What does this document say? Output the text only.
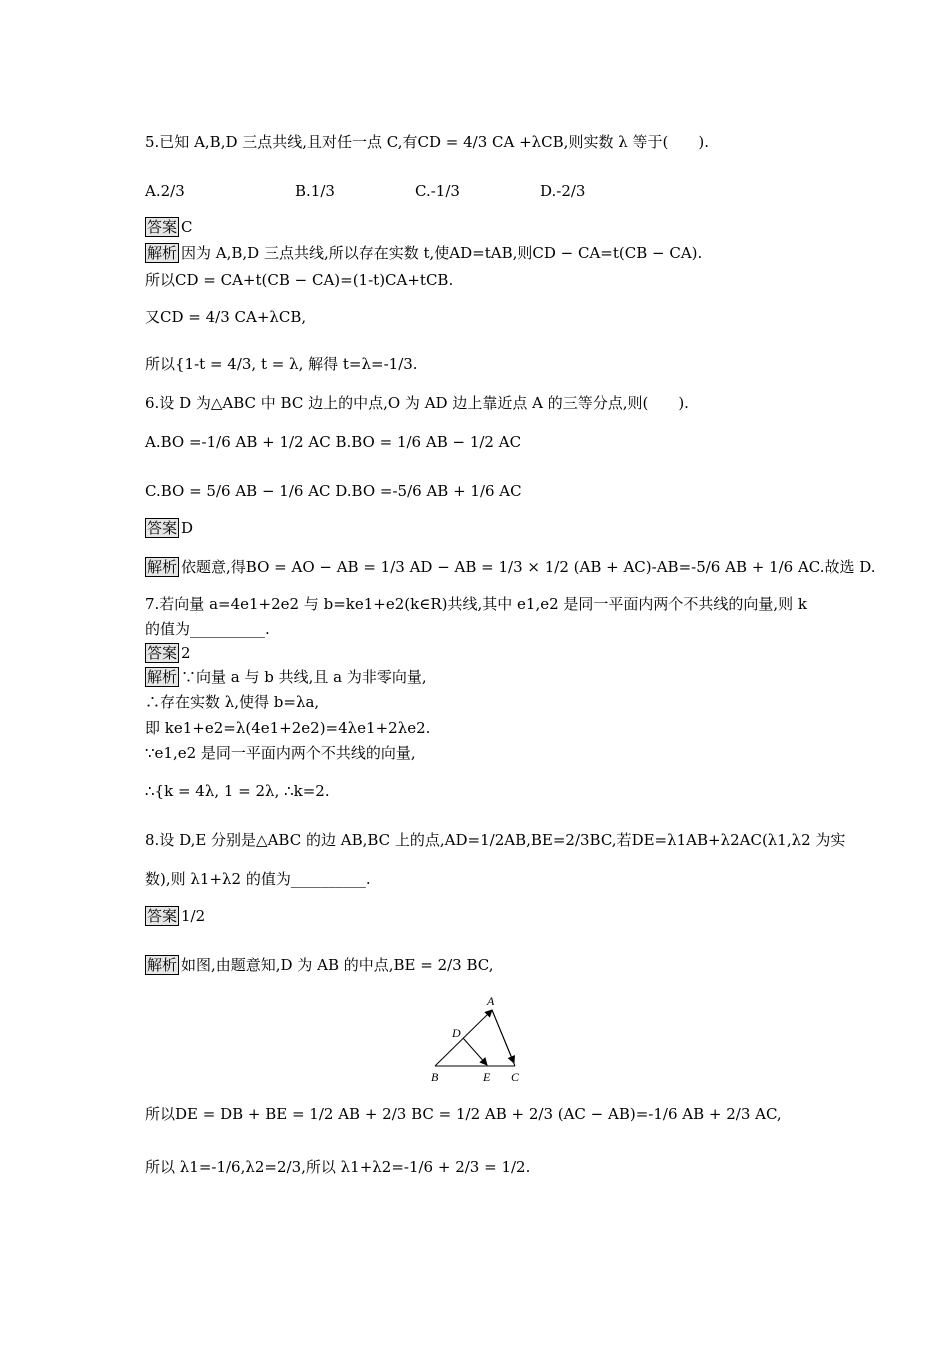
5.已知 A,B,D 三点共线,且对任一点 C,有CD = 4/3 CA +λCB,则实数 λ 等于(　　).
A.2/3	B.1/3	C.-1/3	D.-2/3
答案 C
解析 因为 A,B,D 三点共线,所以存在实数 t,使AD=tAB,则CD − CA=t(CB − CA).
所以CD = CA+t(CB − CA)=(1-t)CA+tCB.
又CD = 4/3 CA+λCB,
所以{1-t = 4/3, t = λ, 解得 t=λ=-1/3.
6.设 D 为△ABC 中 BC 边上的中点,O 为 AD 边上靠近点 A 的三等分点,则(　　).
A.BO =-1/6 AB + 1/2 AC B.BO = 1/6 AB − 1/2 AC
C.BO = 5/6 AB − 1/6 AC D.BO =-5/6 AB + 1/6 AC
答案 D
解析 依题意,得BO = AO − AB = 1/3 AD − AB = 1/3 × 1/2 (AB + AC)-AB=-5/6 AB + 1/6 AC.故选 D.
7.若向量 a=4e1+2e2 与 b=ke1+e2(k∈R)共线,其中 e1,e2 是同一平面内两个不共线的向量,则 k
的值为__________.
答案 2
解析 ∵向量 a 与 b 共线,且 a 为非零向量,
∴存在实数 λ,使得 b=λa,
即 ke1+e2=λ(4e1+2e2)=4λe1+2λe2.
∵e1,e2 是同一平面内两个不共线的向量,
∴{k = 4λ, 1 = 2λ, ∴k=2.
8.设 D,E 分别是△ABC 的边 AB,BC 上的点,AD=1/2AB,BE=2/3BC,若DE=λ1AB+λ2AC(λ1,λ2 为实
数),则 λ1+λ2 的值为__________.
答案 1/2
解析 如图,由题意知,D 为 AB 的中点,BE = 2/3 BC,
A
D
B	E C
所以DE = DB + BE = 1/2 AB + 2/3 BC = 1/2 AB + 2/3 (AC − AB)=-1/6 AB + 2/3 AC,
所以 λ1=-1/6,λ2=2/3,所以 λ1+λ2=-1/6 + 2/3 = 1/2.
